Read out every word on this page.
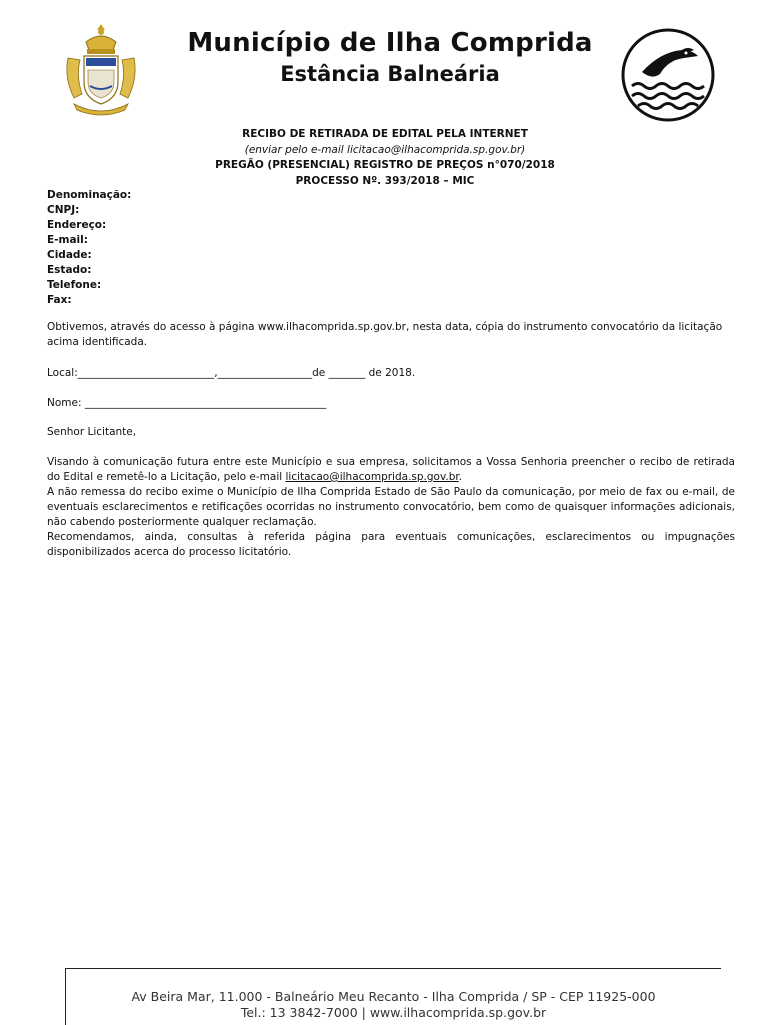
Município de Ilha Comprida
Estância Balneária
RECIBO DE RETIRADA DE EDITAL PELA INTERNET
(enviar pelo e-mail licitacao@ilhacomprida.sp.gov.br)
PREGÃO (PRESENCIAL) REGISTRO DE PREÇOS n°070/2018
PROCESSO Nº. 393/2018 – MIC
Denominação:
CNPJ:
Endereço:
E-mail:
Cidade:
Estado:
Telefone:
Fax:
Obtivemos, através do acesso à página www.ilhacomprida.sp.gov.br, nesta data, cópia do instrumento convocatório da licitação acima identificada.
Local:__________________________,__________________de _______ de 2018.
Nome: ______________________________________________
Senhor Licitante,
Visando à comunicação futura entre este Município e sua empresa, solicitamos a Vossa Senhoria preencher o recibo de retirada do Edital e remetê-lo a Licitação, pelo e-mail licitacao@ilhacomprida.sp.gov.br.
A não remessa do recibo exime o Município de Ilha Comprida Estado de São Paulo da comunicação, por meio de fax ou e-mail, de eventuais esclarecimentos e retificações ocorridas no instrumento convocatório, bem como de quaisquer informações adicionais, não cabendo posteriormente qualquer reclamação.
Recomendamos, ainda, consultas à referida página para eventuais comunicações, esclarecimentos ou impugnações disponibilizados acerca do processo licitatório.
Av Beira Mar, 11.000 - Balneário Meu Recanto - Ilha Comprida / SP - CEP 11925-000
Tel.: 13 3842-7000 | www.ilhacomprida.sp.gov.br
